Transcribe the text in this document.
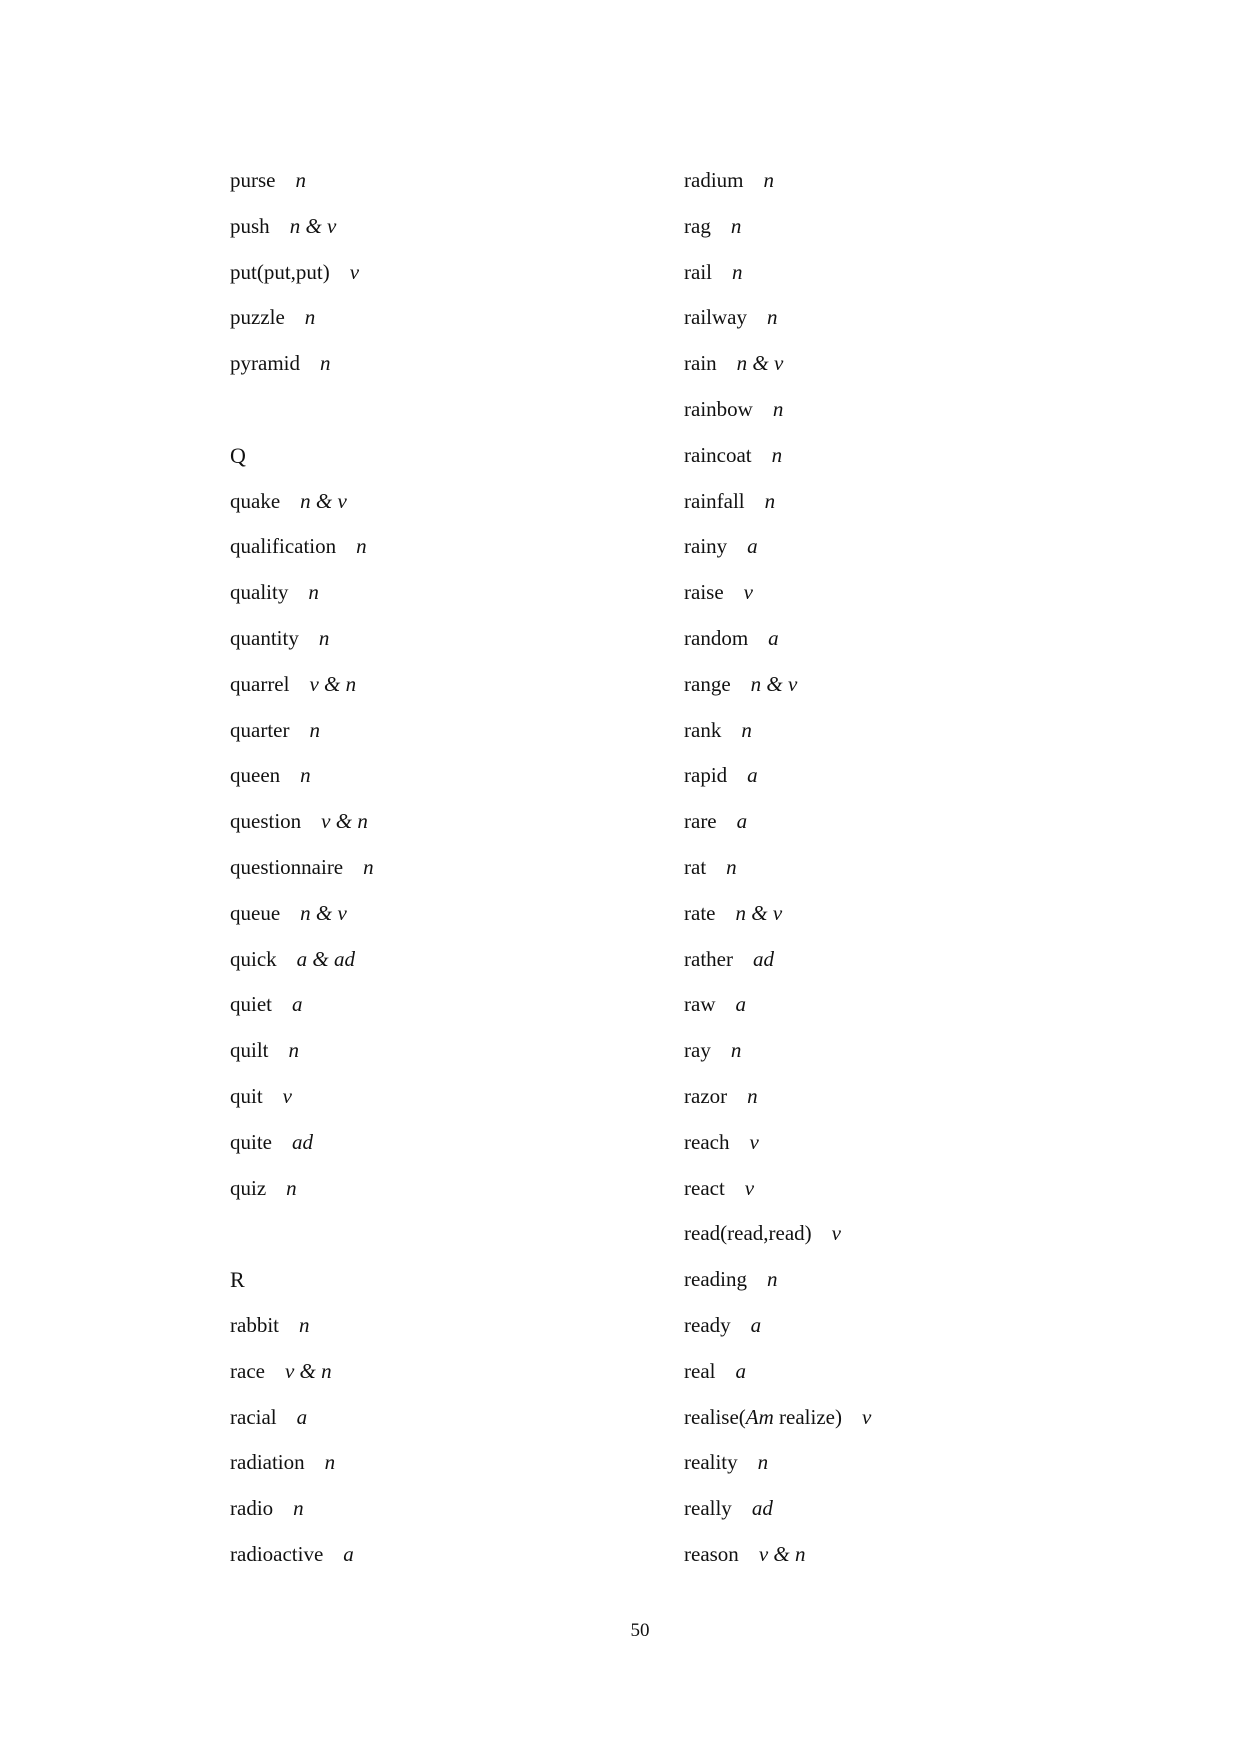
purse n
push n & v
put(put,put) v
puzzle n
pyramid n
Q
quake n & v
qualification n
quality n
quantity n
quarrel v & n
quarter n
queen n
question v & n
questionnaire n
queue n & v
quick a & ad
quiet a
quilt n
quit v
quite ad
quiz n
R
rabbit n
race v & n
racial a
radiation n
radio n
radioactive a
radium n
rag n
rail n
railway n
rain n & v
rainbow n
raincoat n
rainfall n
rainy a
raise v
random a
range n & v
rank n
rapid a
rare a
rat n
rate n & v
rather ad
raw a
ray n
razor n
reach v
react v
read(read,read) v
reading n
ready a
real a
realise(Am realize) v
reality n
really ad
reason v & n
50
